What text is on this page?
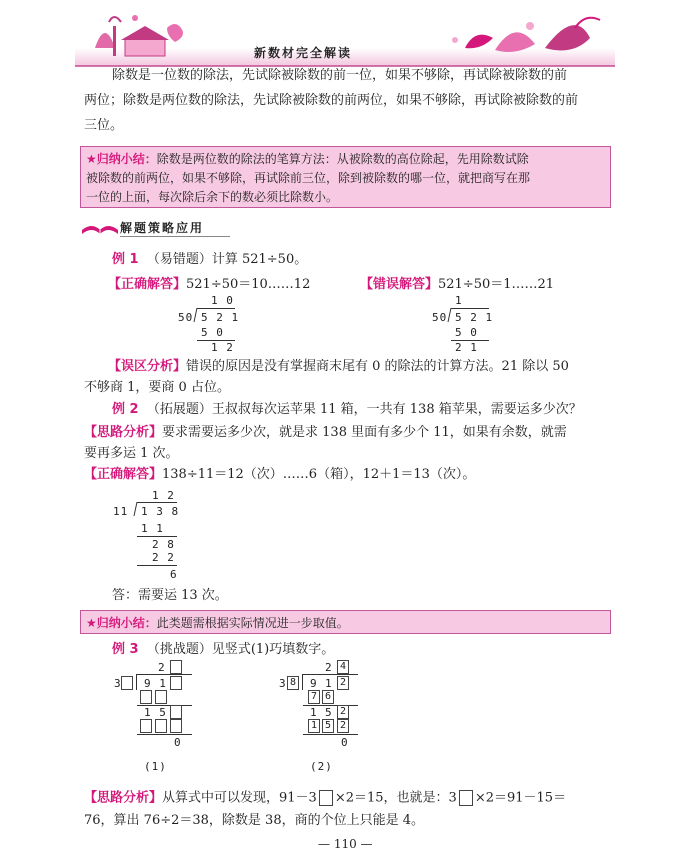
新数材完全解读
除数是一位数的除法，先试除被除数的前一位，如果不够除，再试除被除数的前
两位；除数是两位数的除法，先试除被除数的前两位，如果不够除，再试除被除数的前
三位。
★归纳小结：除数是两位数的除法的笔算方法：从被除数的高位除起，先用除数试除
被除数的前两位，如果不够除，再试除前三位，除到被除数的哪一位，就把商写在那
一位的上面，每次除后余下的数必须比除数小。
解题策略应用
例 1 （易错题）计算 521÷50。
【正确解答】521÷50＝10……12	【错误解答】521÷50＝1……21
1 0
50 5 2 1
5 0
1 2
1
50 5 2 1
5 0
2 1
【误区分析】错误的原因是没有掌握商末尾有 0 的除法的计算方法。21 除以 50
不够商 1，要商 0 占位。
例 2 （拓展题）王叔叔每次运苹果 11 箱，一共有 138 箱苹果，需要运多少次？
【思路分析】要求需要运多少次，就是求 138 里面有多少个 11，如果有余数，就需
要再多运 1 次。
【正确解答】138÷11＝12（次）……6（箱），12＋1＝13（次）。
1 2
11 1 3 8
1 1
2 8
2 2
6
答：需要运 13 次。
★归纳小结：此类题需根据实际情况进一步取值。
例 3 （挑战题）见竖式(1)巧填数字。
2
3 9 1
1 5
0
(1)
2 4
3 8 9 1 2
7 6
1 5 2
1 5 2
0
(2)
【思路分析】从算式中可以发现，91－3 ×2＝15，也就是：3 ×2＝91－15＝
76，算出 76÷2＝38，除数是 38，商的个位上只能是 4。
— 110 —
